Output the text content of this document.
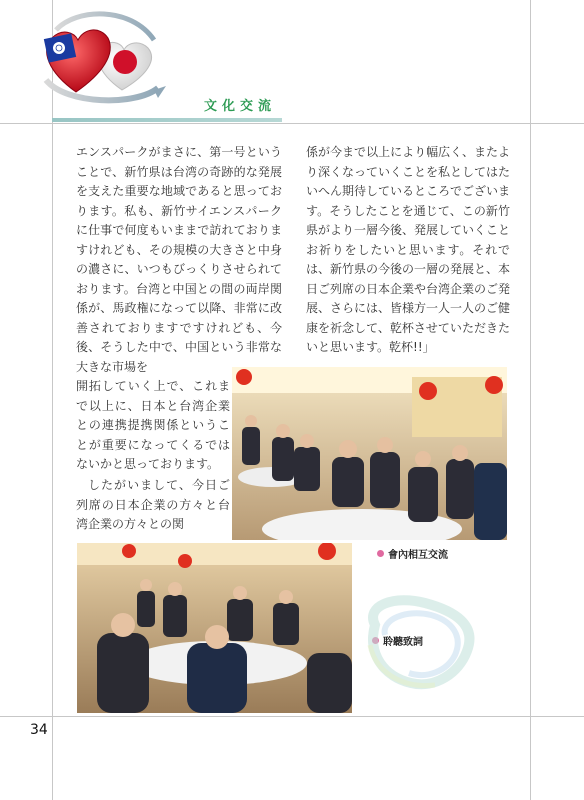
文化交流

エンスパークがまさに、第一号ということで、新竹県は台湾の奇跡的な発展を支えた重要な地域であると思っております。私も、新竹サイエンスパークに仕事で何度もいままで訪れておりますけれども、その規模の大きさと中身の濃さに、いつもびっくりさせられております。台湾と中国との間の両岸関係が、馬政権になって以降、非常に改善されておりますですけれども、今後、そうした中で、中国という非常な大きな市場を

開拓していく上で、これまで以上に、日本と台湾企業との連携提携関係ということが重要になってくるではないかと思っております。

したがいまして、今日ご列席の日本企業の方々と台湾企業の方々との関

係が今まで以上により幅広く、またより深くなっていくことを私としてはたいへん期待しているところでございます。そうしたことを通じて、この新竹県がより一層今後、発展していくことお祈りをしたいと思います。それでは、新竹県の今後の一層の発展と、本日ご列席の日本企業や台湾企業のご発展、さらには、皆様方一人一人のご健康を祈念して、乾杯させていただきたいと思います。乾杯!!」

會內相互交流
聆聽致詞
34
